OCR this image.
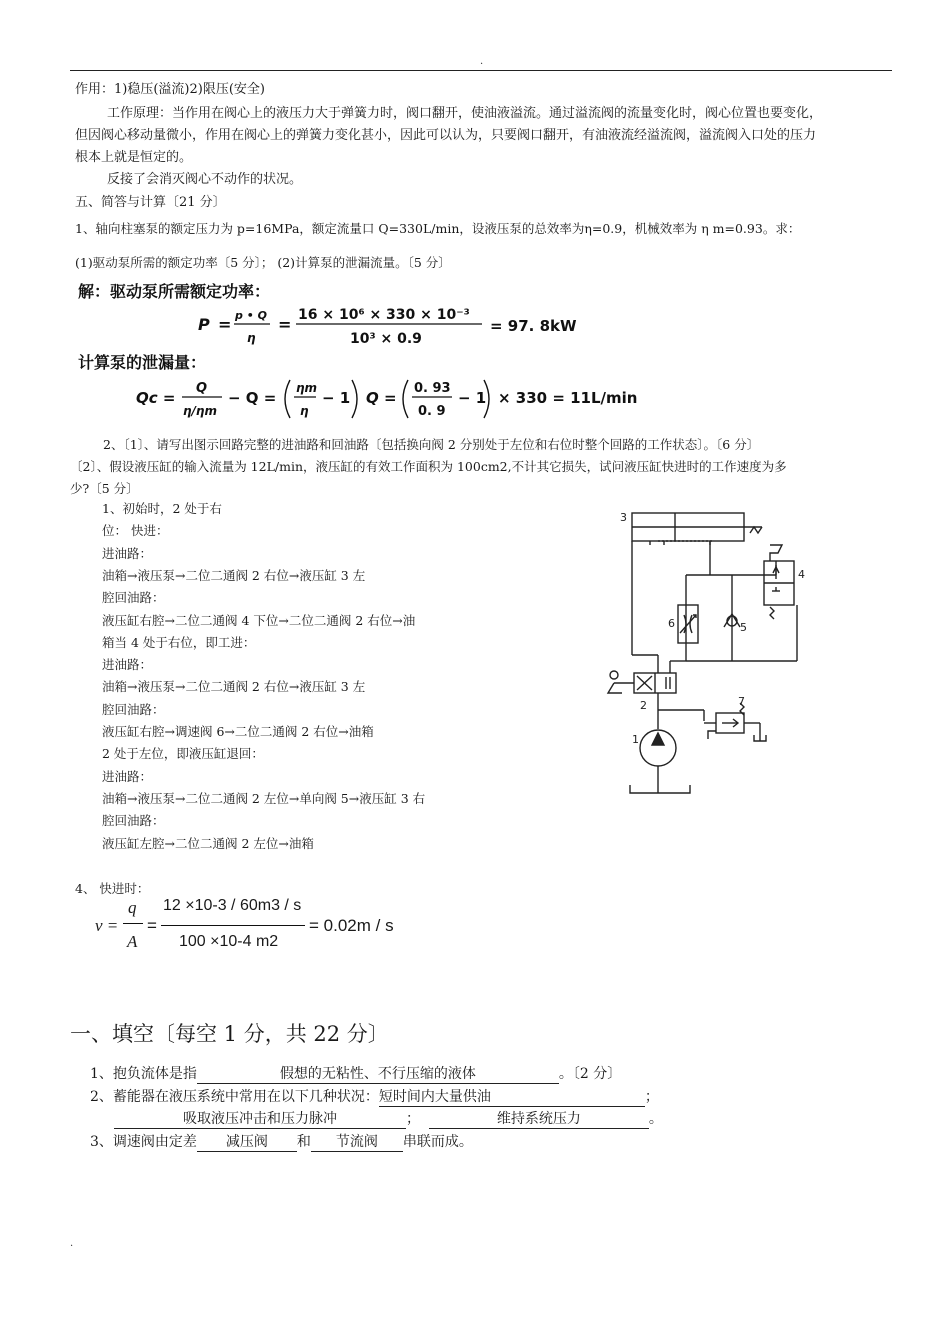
.
作用：1)稳压(溢流)2)限压(安全)
工作原理：当作用在阀心上的液压力大于弹簧力时，阀口翻开，使油液溢流。通过溢流阀的流量变化时，阀心位置也要变化，
但因阀心移动量微小，作用在阀心上的弹簧力变化甚小，因此可以认为，只要阀口翻开，有油液流经溢流阀，溢流阀入口处的压力
根本上就是恒定的。
反接了会消灭阀心不动作的状况。
五、简答与计算〔21 分〕
1、轴向柱塞泵的额定压力为 p=16MPa，额定流量口 Q=330L/min，设液压泵的总效率为η=0.9，机械效率为 η m=0.93。求：
(1)驱动泵所需的额定功率〔5 分〕； (2)计算泵的泄漏流量。〔5 分〕
解：驱动泵所需额定功率：
P = p • Q
η
= 16 × 10⁶ × 330 × 10⁻³
10³ × 0.9
= 97. 8kW
计算泵的泄漏量：
Qc =
Q
η/ηm
− Q =
ηm
η
− 1 Q =
0. 93
0. 9
− 1 × 330 = 11L/min
2、〔1〕、请写出图示回路完整的进油路和回油路〔包括换向阀 2 分别处于左位和右位时整个回路的工作状态〕。〔6 分〕
〔2〕、假设液压缸的输入流量为 12L/min，液压缸的有效工作面积为 100cm2,不计其它损失，试问液压缸快进时的工作速度为多
少?〔5 分〕
1、初始时，2 处于右
位： 快进：
进油路：
油箱→液压泵→二位二通阀 2 右位→液压缸 3 左
腔回油路：
液压缸右腔→二位二通阀 4 下位→二位二通阀 2 右位→油
箱当 4 处于右位，即工进：
进油路：
油箱→液压泵→二位二通阀 2 右位→液压缸 3 左
腔回油路：
液压缸右腔→调速阀 6→二位二通阀 2 右位→油箱
2 处于左位，即液压缸退回：
进油路：
油箱→液压泵→二位二通阀 2 左位→单向阀 5→液压缸 3 右
腔回油路：
液压缸左腔→二位二通阀 2 左位→油箱
3
4
5
6
2	7
1
4、 快进时：
v =
q
A
=
12 ×10-3 / 60m3 / s
100 ×10-4 m2
= 0.02m / s
一、填空〔每空 1 分，共 22 分〕
1、抱负流体是指	假想的无粘性、不行压缩的液体	。〔2 分〕
2、蓄能器在液压系统中常用在以下几种状况：短时间内大量供油	；
吸取液压冲击和压力脉冲	；	维持系统压力	。
3、调速阀由定差 减压阀 和 节流阀 串联而成。
.
